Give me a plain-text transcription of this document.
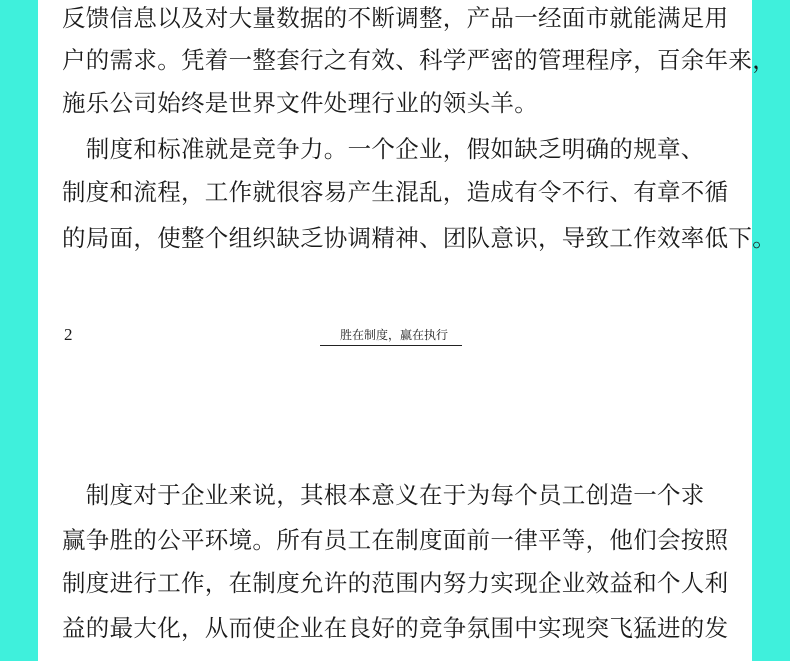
反馈信息以及对大量数据的不断调整，产品一经面市就能满足用
户的需求。凭着一整套行之有效、科学严密的管理程序，百余年来，
施乐公司始终是世界文件处理行业的领头羊。
　制度和标准就是竞争力。一个企业，假如缺乏明确的规章、
制度和流程，工作就很容易产生混乱，造成有令不行、有章不循
的局面，使整个组织缺乏协调精神、团队意识，导致工作效率低下。
2	胜在制度，赢在执行
　制度对于企业来说，其根本意义在于为每个员工创造一个求
赢争胜的公平环境。所有员工在制度面前一律平等，他们会按照
制度进行工作，在制度允许的范围内努力实现企业效益和个人利
益的最大化，从而使企业在良好的竞争氛围中实现突飞猛进的发
